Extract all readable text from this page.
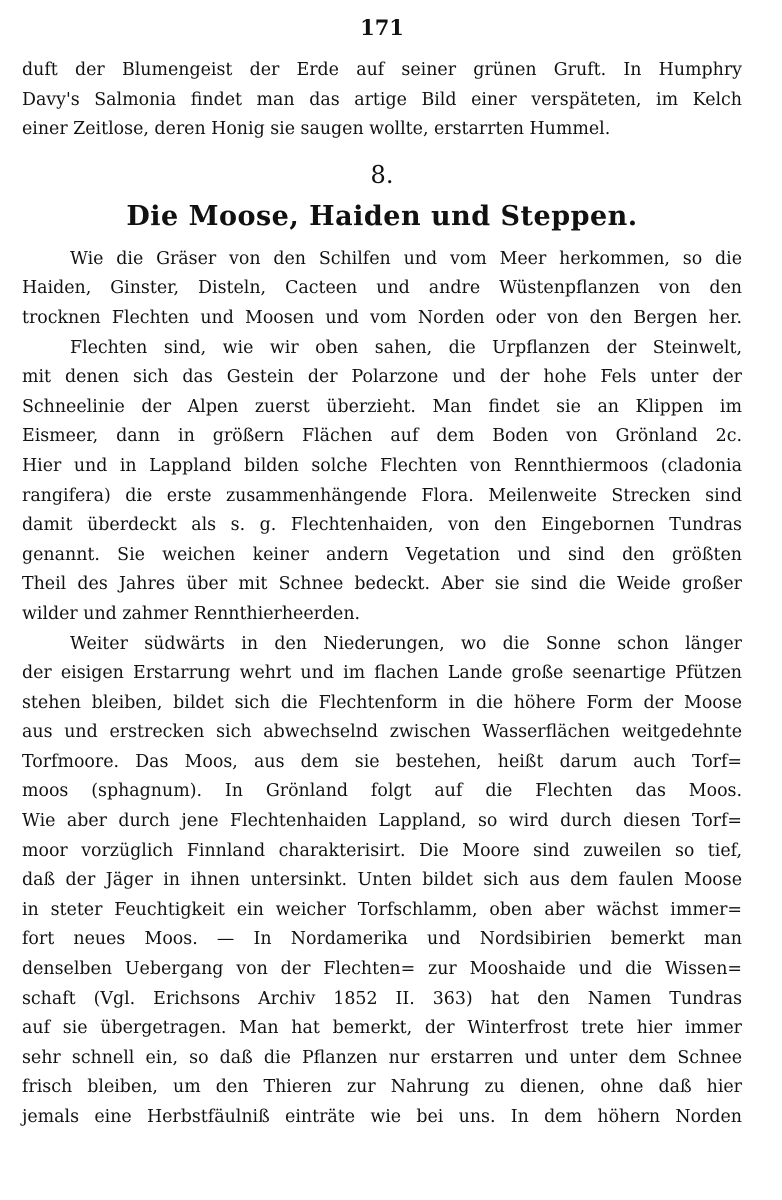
171
duft der Blumengeist der Erde auf seiner grünen Gruft. In Humphry
Davy's Salmonia findet man das artige Bild einer verspäteten, im Kelch
einer Zeitlose, deren Honig sie saugen wollte, erstarrten Hummel.
8.
Die Moose, Haiden und Steppen.
Wie die Gräser von den Schilfen und vom Meer herkommen, so die
Haiden, Ginster, Disteln, Cacteen und andre Wüstenpflanzen von den
trocknen Flechten und Moosen und vom Norden oder von den Bergen her.
Flechten sind, wie wir oben sahen, die Urpflanzen der Steinwelt,
mit denen sich das Gestein der Polarzone und der hohe Fels unter der
Schneelinie der Alpen zuerst überzieht. Man findet sie an Klippen im
Eismeer, dann in größern Flächen auf dem Boden von Grönland 2c.
Hier und in Lappland bilden solche Flechten von Rennthiermoos (cladonia
rangifera) die erste zusammenhängende Flora. Meilenweite Strecken sind
damit überdeckt als s. g. Flechtenhaiden, von den Eingebornen Tundras
genannt. Sie weichen keiner andern Vegetation und sind den größten
Theil des Jahres über mit Schnee bedeckt. Aber sie sind die Weide großer
wilder und zahmer Rennthierheerden.
Weiter südwärts in den Niederungen, wo die Sonne schon länger
der eisigen Erstarrung wehrt und im flachen Lande große seenartige Pfützen
stehen bleiben, bildet sich die Flechtenform in die höhere Form der Moose
aus und erstrecken sich abwechselnd zwischen Wasserflächen weitgedehnte
Torfmoore. Das Moos, aus dem sie bestehen, heißt darum auch Torf=
moos (sphagnum). In Grönland folgt auf die Flechten das Moos.
Wie aber durch jene Flechtenhaiden Lappland, so wird durch diesen Torf=
moor vorzüglich Finnland charakterisirt. Die Moore sind zuweilen so tief,
daß der Jäger in ihnen untersinkt. Unten bildet sich aus dem faulen Moose
in steter Feuchtigkeit ein weicher Torfschlamm, oben aber wächst immer=
fort neues Moos. — In Nordamerika und Nordsibirien bemerkt man
denselben Uebergang von der Flechten= zur Mooshaide und die Wissen=
schaft (Vgl. Erichsons Archiv 1852 II. 363) hat den Namen Tundras
auf sie übergetragen. Man hat bemerkt, der Winterfrost trete hier immer
sehr schnell ein, so daß die Pflanzen nur erstarren und unter dem Schnee
frisch bleiben, um den Thieren zur Nahrung zu dienen, ohne daß hier
jemals eine Herbstfäulniß einträte wie bei uns. In dem höhern Norden
